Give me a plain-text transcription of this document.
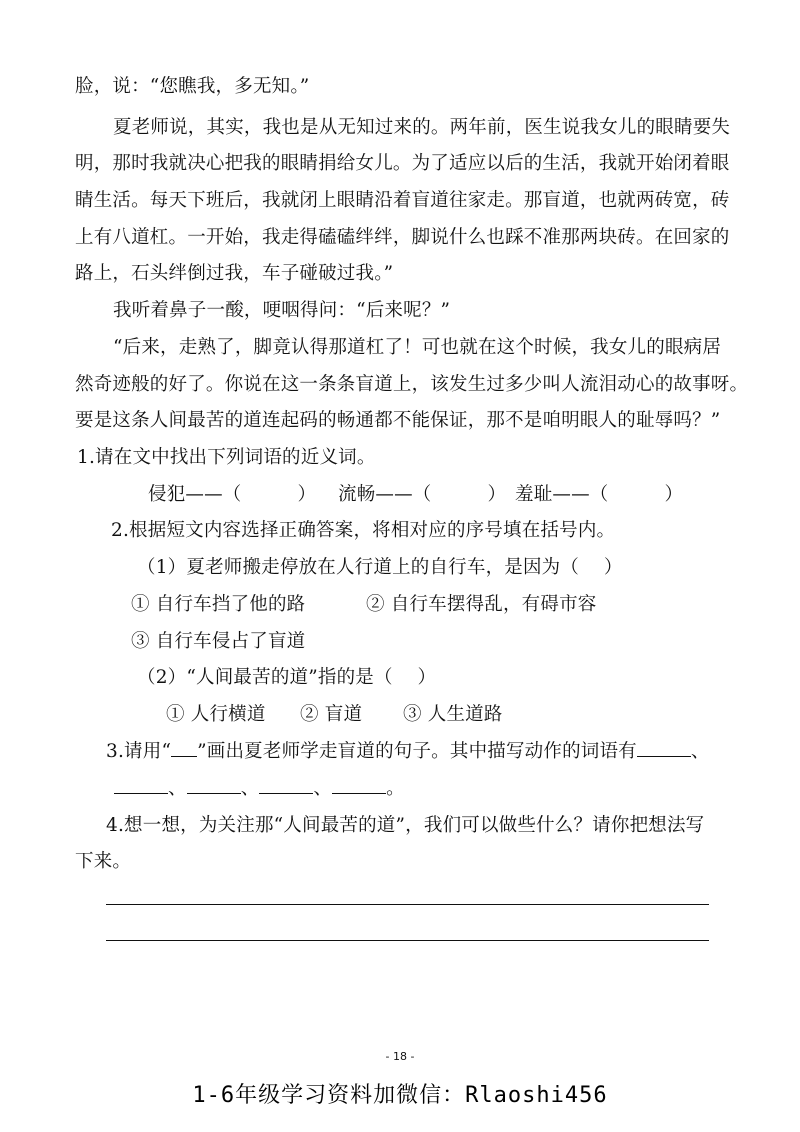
脸，说：“您瞧我，多无知。”
夏老师说，其实，我也是从无知过来的。两年前，医生说我女儿的眼睛要失
明，那时我就决心把我的眼睛捐给女儿。为了适应以后的生活，我就开始闭着眼
睛生活。每天下班后，我就闭上眼睛沿着盲道往家走。那盲道，也就两砖宽，砖
上有八道杠。一开始，我走得磕磕绊绊，脚说什么也踩不准那两块砖。在回家的
路上，石头绊倒过我，车子碰破过我。”
我听着鼻子一酸，哽咽得问：“后来呢？”
“后来，走熟了，脚竟认得那道杠了！可也就在这个时候，我女儿的眼病居
然奇迹般的好了。你说在这一条条盲道上，该发生过多少叫人流泪动心的故事呀。
要是这条人间最苦的道连起码的畅通都不能保证，那不是咱明眼人的耻辱吗？”
1.请在文中找出下列词语的近义词。
侵犯——（	） 流畅——（	） 羞耻——（	）
2.根据短文内容选择正确答案，将相对应的序号填在括号内。
（1）夏老师搬走停放在人行道上的自行车，是因为（　 ）
① 自行车挡了他的路	② 自行车摆得乱，有碍市容
③ 自行车侵占了盲道
（2）“人间最苦的道”指的是（　 ）
① 人行横道 ② 盲道 ③ 人生道路
3.请用“ ”画出夏老师学走盲道的句子。其中描写动作的词语有	、
、	、	、	。
4.想一想，为关注那“人间最苦的道”，我们可以做些什么？请你把想法写
下来。
- 18 -
1-6年级学习资料加微信：Rlaoshi456
